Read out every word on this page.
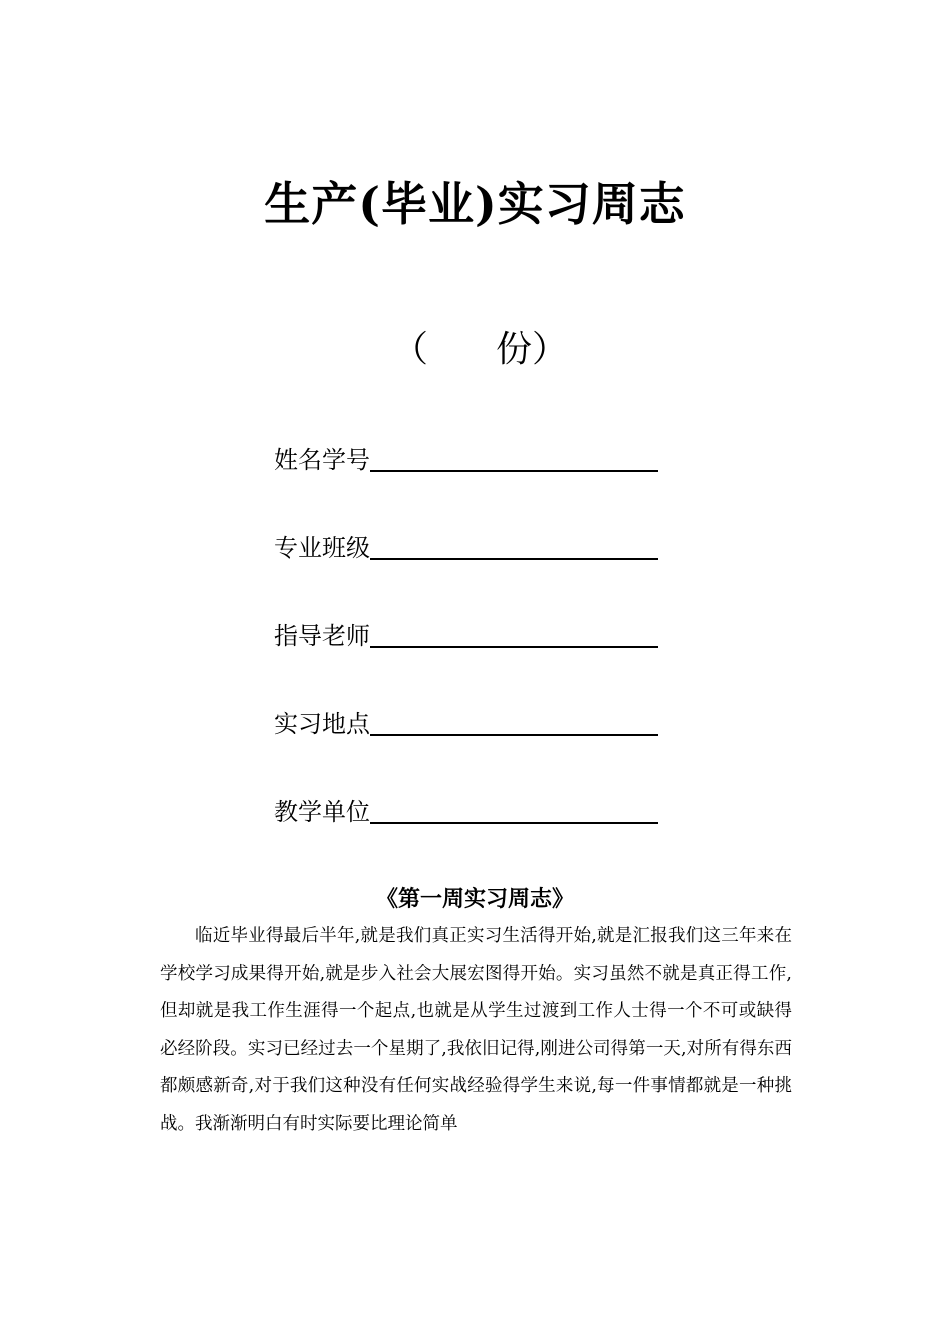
生产(毕业)实习周志
（ 份 ）
姓名学号
专业班级
指导老师
实习地点
教学单位
《第一周实习周志》

临近毕业得最后半年,就是我们真正实习生活得开始,就是汇报我们这三年来在学校学习成果得开始,就是步入社会大展宏图得开始。实习虽然不就是真正得工作,但却就是我工作生涯得一个起点,也就是从学生过渡到工作人士得一个不可或缺得必经阶段。实习已经过去一个星期了,我依旧记得,刚进公司得第一天,对所有得东西都颇感新奇,对于我们这种没有任何实战经验得学生来说,每一件事情都就是一种挑战。我渐渐明白有时实际要比理论简单
